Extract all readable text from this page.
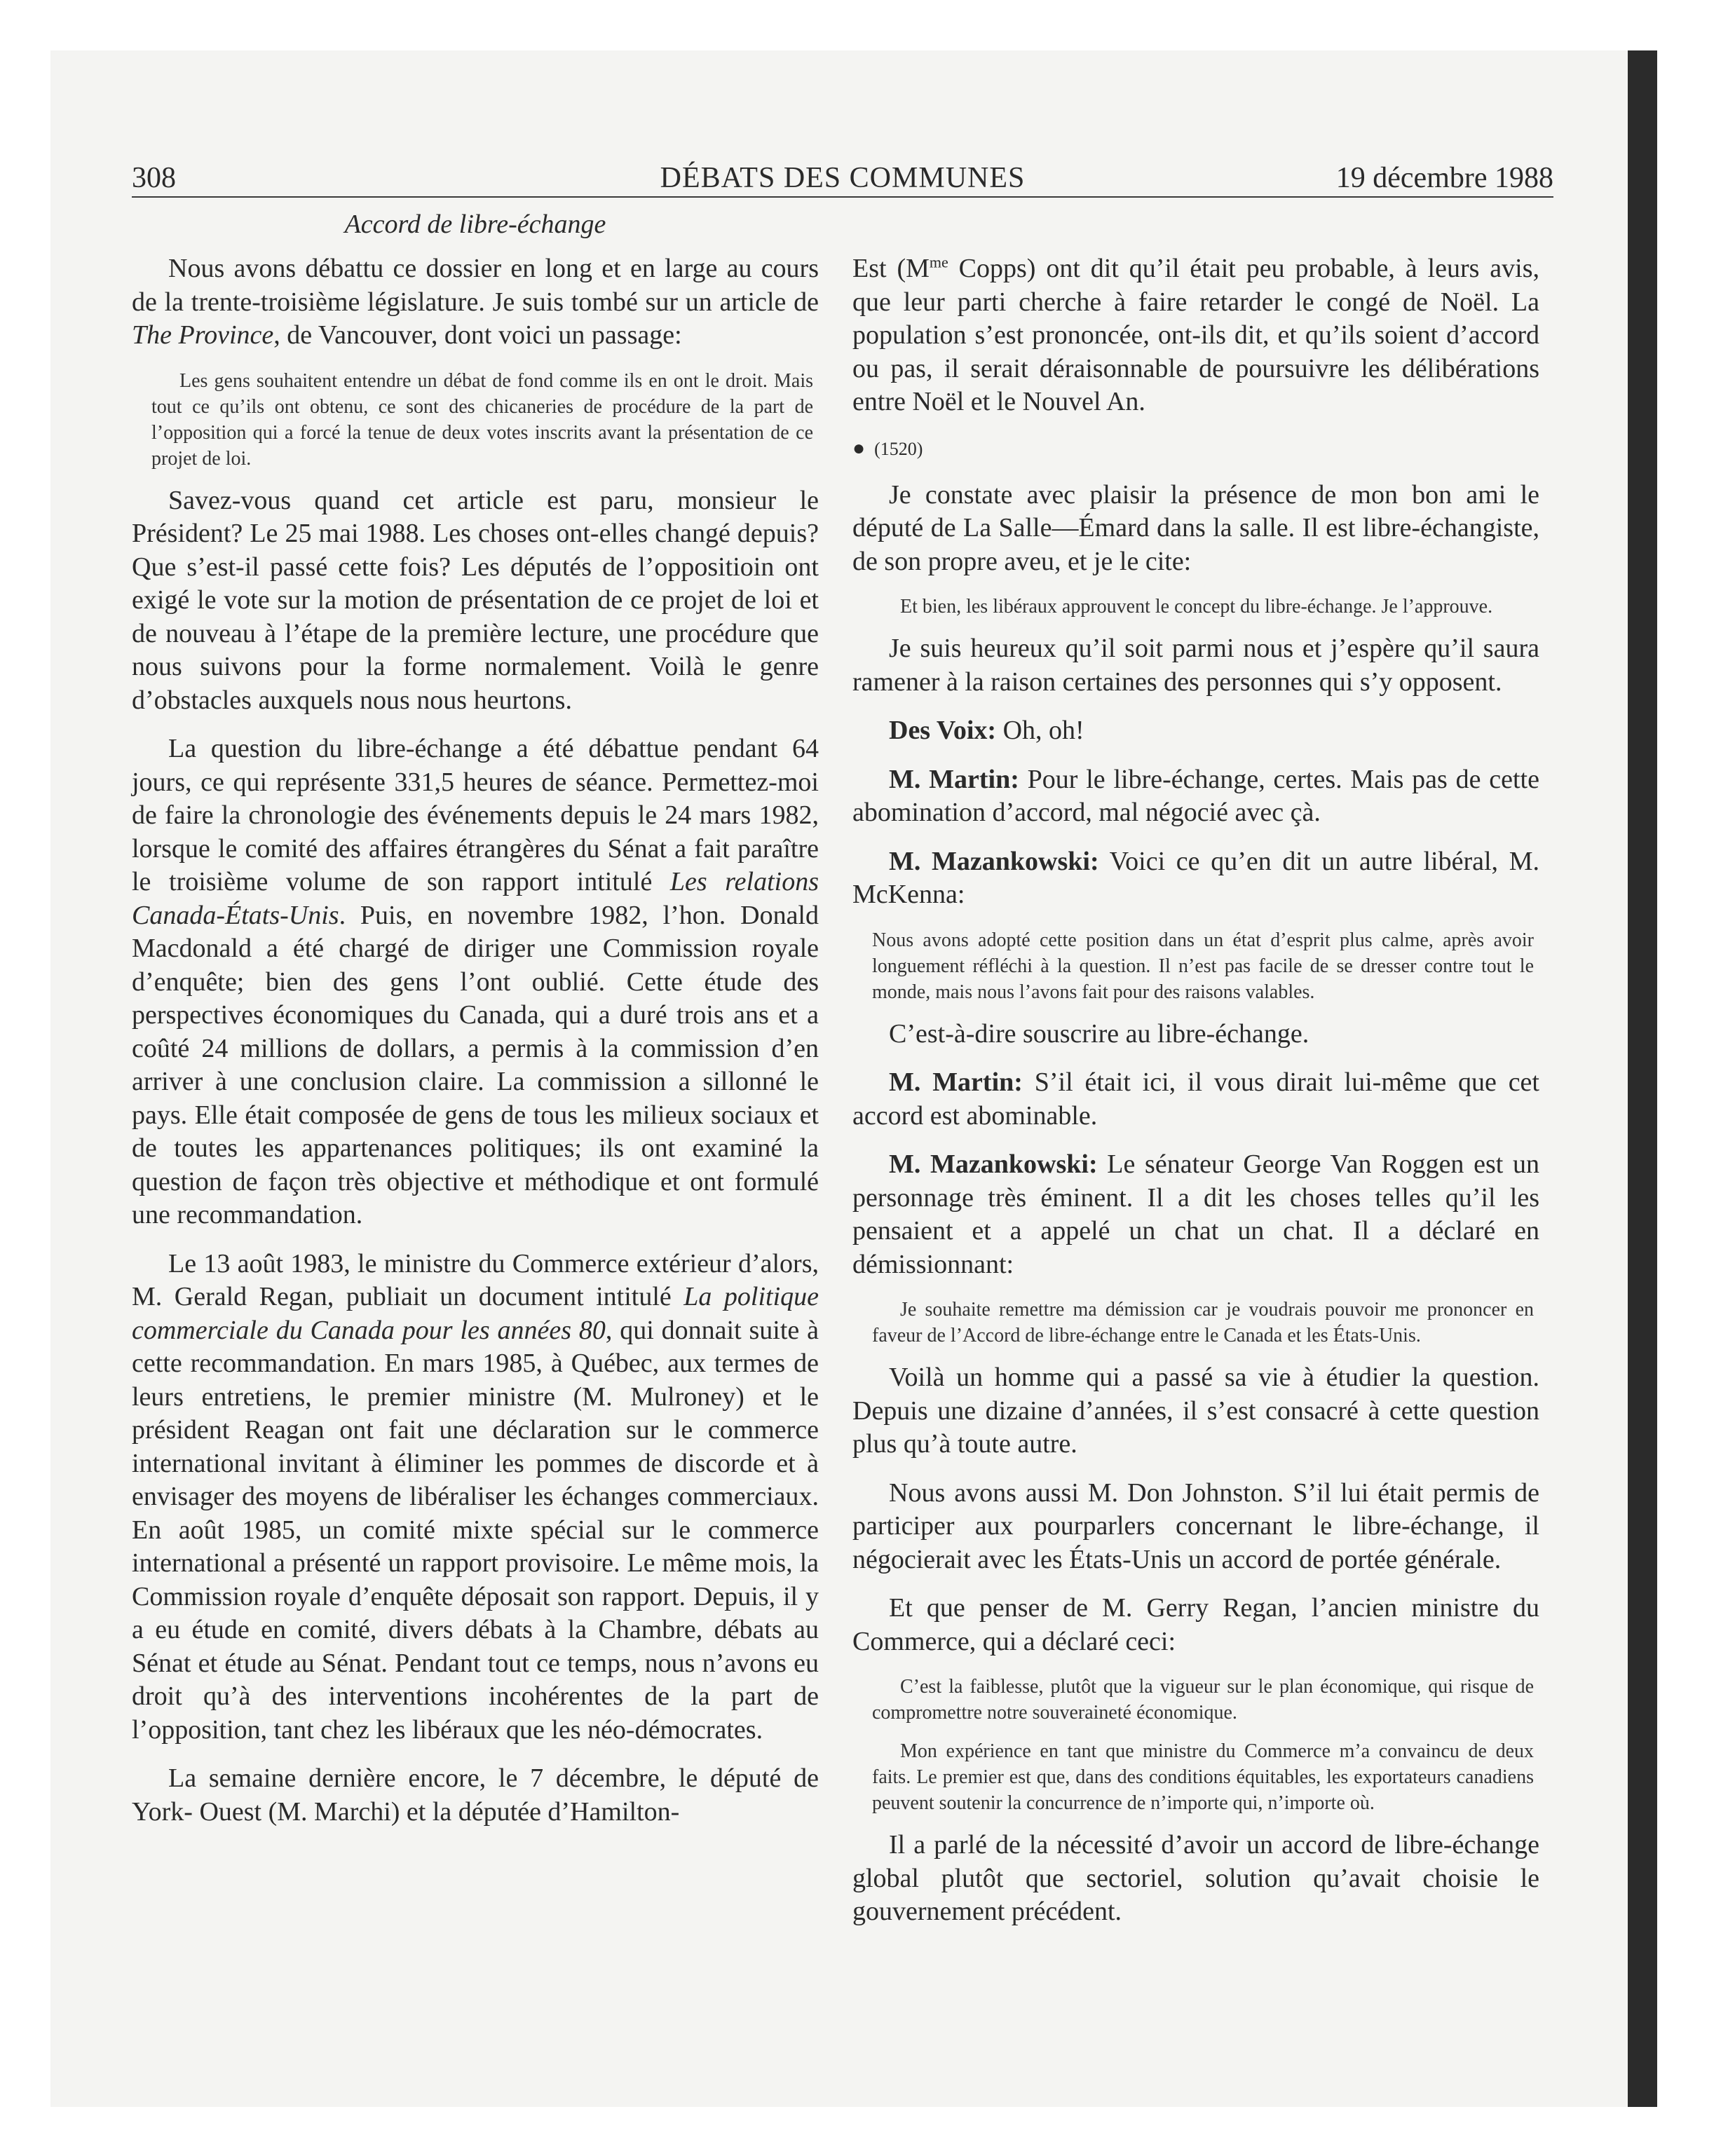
308	DÉBATS DES COMMUNES	19 décembre 1988
Accord de libre-échange

Nous avons débattu ce dossier en long et en large au cours de la trente-troisième législature. Je suis tombé sur un article de The Province, de Vancouver, dont voici un passage:

Les gens souhaitent entendre un débat de fond comme ils en ont le droit. Mais tout ce qu’ils ont obtenu, ce sont des chicaneries de procédure de la part de l’opposition qui a forcé la tenue de deux votes inscrits avant la présentation de ce projet de loi.

Savez-vous quand cet article est paru, monsieur le Président? Le 25 mai 1988. Les choses ont-elles changé depuis? Que s’est-il passé cette fois? Les députés de l’oppositioin ont exigé le vote sur la motion de présentation de ce projet de loi et de nouveau à l’étape de la première lecture, une procédure que nous suivons pour la forme normalement. Voilà le genre d’obstacles auxquels nous nous heurtons.

La question du libre-échange a été débattue pendant 64 jours, ce qui représente 331,5 heures de séance. Permettez-moi de faire la chronologie des événements depuis le 24 mars 1982, lorsque le comité des affaires étrangères du Sénat a fait paraître le troisième volume de son rapport intitulé Les relations Canada-États-Unis. Puis, en novembre 1982, l’hon. Donald Macdonald a été chargé de diriger une Commission royale d’enquête; bien des gens l’ont oublié. Cette étude des perspectives économiques du Canada, qui a duré trois ans et a coûté 24 millions de dollars, a permis à la commission d’en arriver à une conclusion claire. La commission a sillonné le pays. Elle était composée de gens de tous les milieux sociaux et de toutes les appartenances politiques; ils ont examiné la question de façon très objective et méthodique et ont formulé une recommandation.

Le 13 août 1983, le ministre du Commerce extérieur d’alors, M. Gerald Regan, publiait un document intitulé La politique commerciale du Canada pour les années 80, qui donnait suite à cette recommandation. En mars 1985, à Québec, aux termes de leurs entretiens, le premier ministre (M. Mulroney) et le président Reagan ont fait une déclaration sur le commerce international invitant à éliminer les pommes de discorde et à envisager des moyens de libéraliser les échanges commerciaux. En août 1985, un comité mixte spécial sur le commerce international a présenté un rapport provisoire. Le même mois, la Commission royale d’enquête déposait son rapport. Depuis, il y a eu étude en comité, divers débats à la Chambre, débats au Sénat et étude au Sénat. Pendant tout ce temps, nous n’avons eu droit qu’à des interventions incohérentes de la part de l’opposition, tant chez les libéraux que les néo-démocrates.

La semaine dernière encore, le 7 décembre, le député de York- Ouest (M. Marchi) et la députée d’Hamilton-

Est ($M^{me}$ Copps) ont dit qu’il était peu probable, à leurs avis, que leur parti cherche à faire retarder le congé de Noël. La population s’est prononcée, ont-ils dit, et qu’ils soient d’accord ou pas, il serait déraisonnable de poursuivre les délibérations entre Noël et le Nouvel An.

● (1520)

Je constate avec plaisir la présence de mon bon ami le député de La Salle—Émard dans la salle. Il est libre-échangiste, de son propre aveu, et je le cite:

Et bien, les libéraux approuvent le concept du libre-échange. Je l’approuve.

Je suis heureux qu’il soit parmi nous et j’espère qu’il saura ramener à la raison certaines des personnes qui s’y opposent.

Des Voix: Oh, oh!

M. Martin: Pour le libre-échange, certes. Mais pas de cette abomination d’accord, mal négocié avec çà.

M. Mazankowski: Voici ce qu’en dit un autre libéral, M. McKenna:

Nous avons adopté cette position dans un état d’esprit plus calme, après avoir longuement réfléchi à la question. Il n’est pas facile de se dresser contre tout le monde, mais nous l’avons fait pour des raisons valables.

C’est-à-dire souscrire au libre-échange.

M. Martin: S’il était ici, il vous dirait lui-même que cet accord est abominable.

M. Mazankowski: Le sénateur George Van Roggen est un personnage très éminent. Il a dit les choses telles qu’il les pensaient et a appelé un chat un chat. Il a déclaré en démissionnant:

Je souhaite remettre ma démission car je voudrais pouvoir me prononcer en faveur de l’Accord de libre-échange entre le Canada et les États-Unis.

Voilà un homme qui a passé sa vie à étudier la question. Depuis une dizaine d’années, il s’est consacré à cette question plus qu’à toute autre.

Nous avons aussi M. Don Johnston. S’il lui était permis de participer aux pourparlers concernant le libre-échange, il négocierait avec les États-Unis un accord de portée générale.

Et que penser de M. Gerry Regan, l’ancien ministre du Commerce, qui a déclaré ceci:

C’est la faiblesse, plutôt que la vigueur sur le plan économique, qui risque de compromettre notre souveraineté économique.

Mon expérience en tant que ministre du Commerce m’a convaincu de deux faits. Le premier est que, dans des conditions équitables, les exportateurs canadiens peuvent soutenir la concurrence de n’importe qui, n’importe où.

Il a parlé de la nécessité d’avoir un accord de libre-échange global plutôt que sectoriel, solution qu’avait choisie le gouvernement précédent.
